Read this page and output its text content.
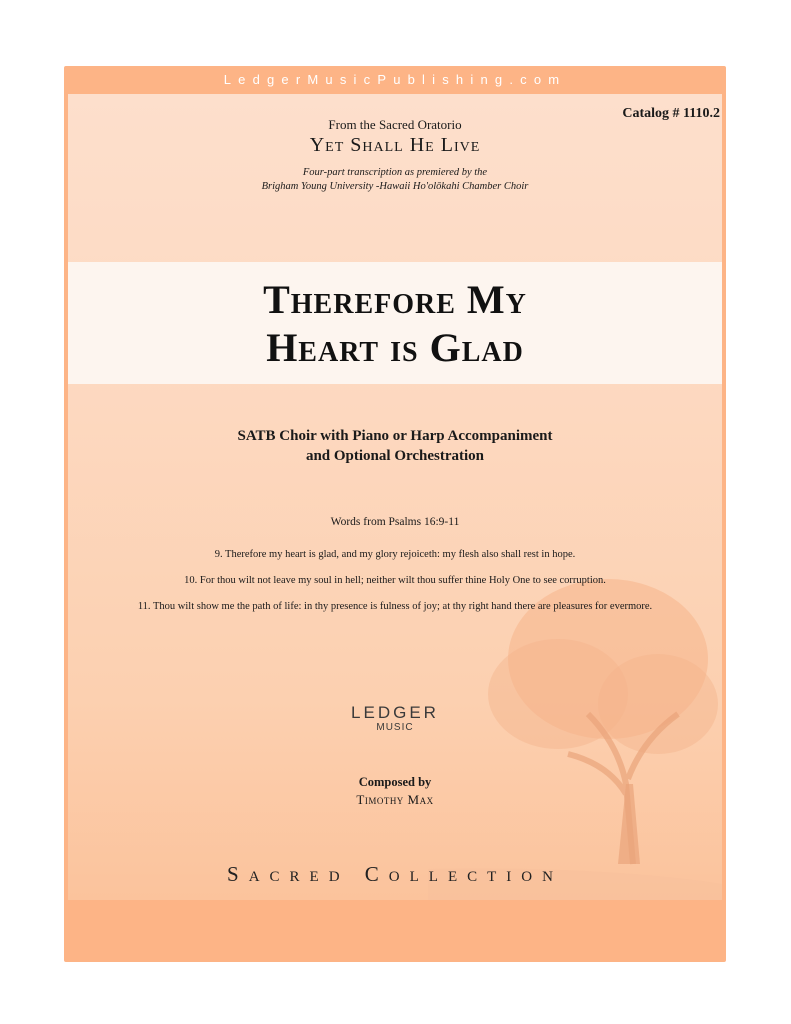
LedgerMusicPublishing.com

Catalog # 1110.2

From the Sacred Oratorio

Yet Shall He Live

Four-part transcription as premiered by the
Brigham Young University -Hawaii Ho'olōkahi Chamber Choir
Therefore My
Heart is Glad
SATB Choir with Piano or Harp Accompaniment
and Optional Orchestration

Words from Psalms 16:9-11

9. Therefore my heart is glad, and my glory rejoiceth: my flesh also shall rest in hope.

10. For thou wilt not leave my soul in hell; neither wilt thou suffer thine Holy One to see corruption.

11. Thou wilt show me the path of life: in thy presence is fulness of joy; at thy right hand there are pleasures for evermore.

LEDGER
MUSIC

Composed by

Timothy Max

Sacred Collection
